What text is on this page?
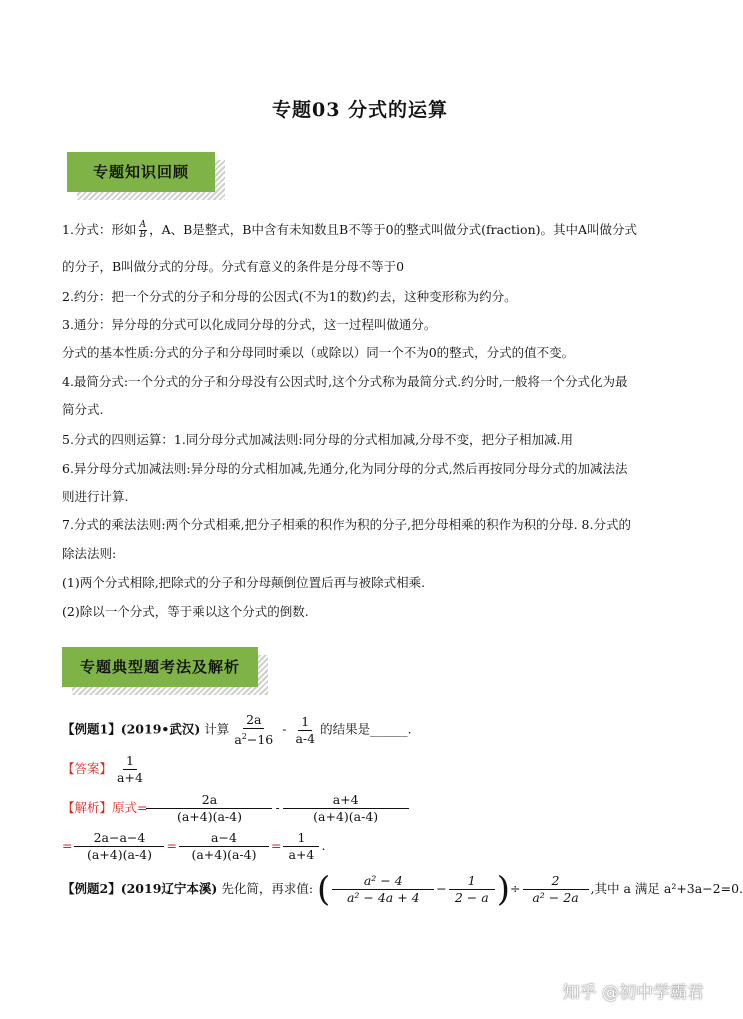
专题03 分式的运算
专题知识回顾
1.分式：形如 $\frac{A}{B}$ ，A、B是整式，B中含有未知数且B不等于0的整式叫做分式(fraction)。其中A叫做分式
的分子，B叫做分式的分母。分式有意义的条件是分母不等于0
2.约分：把一个分式的分子和分母的公因式(不为1的数)约去，这种变形称为约分。
3.通分：异分母的分式可以化成同分母的分式，这一过程叫做通分。
分式的基本性质:分式的分子和分母同时乘以（或除以）同一个不为0的整式，分式的值不变。
4.最简分式:一个分式的分子和分母没有公因式时,这个分式称为最简分式.约分时,一般将一个分式化为最
简分式.
5.分式的四则运算：1.同分母分式加减法则:同分母的分式相加减,分母不变，把分子相加减.用
6.异分母分式加减法则:异分母的分式相加减,先通分,化为同分母的分式,然后再按同分母分式的加减法法
则进行计算.
7.分式的乘法法则:两个分式相乘,把分子相乘的积作为积的分子,把分母相乘的积作为积的分母. 8.分式的
除法法则:
(1)两个分式相除,把除式的分子和分母颠倒位置后再与被除式相乘.
(2)除以一个分式，等于乘以这个分式的倒数.
专题典型题考法及解析
【例题1】(2019•武汉) 计算 $\frac{2a}{a^2-16} - \frac{1}{a-4}$ 的结果是______.
【答案】 $\frac{1}{a+4}$
【解析】原式= $\frac{2a}{(a+4)(a-4)} - \frac{a+4}{(a+4)(a-4)}$
= $\frac{2a-a-4}{(a+4)(a-4)} = \frac{a-4}{(a+4)(a-4)} = \frac{1}{a+4}$ .
【例题2】(2019辽宁本溪) 先化简，再求值: ( $\frac{\text{a² − 4}}{\text{a² − 4a + 4}} - \frac{1}{2 - a}$ )÷ $\frac{2}{\text{a² − 2a}}$ ,其中 a 满足 a²+3a−2=0.
知乎 @初中学霸君
